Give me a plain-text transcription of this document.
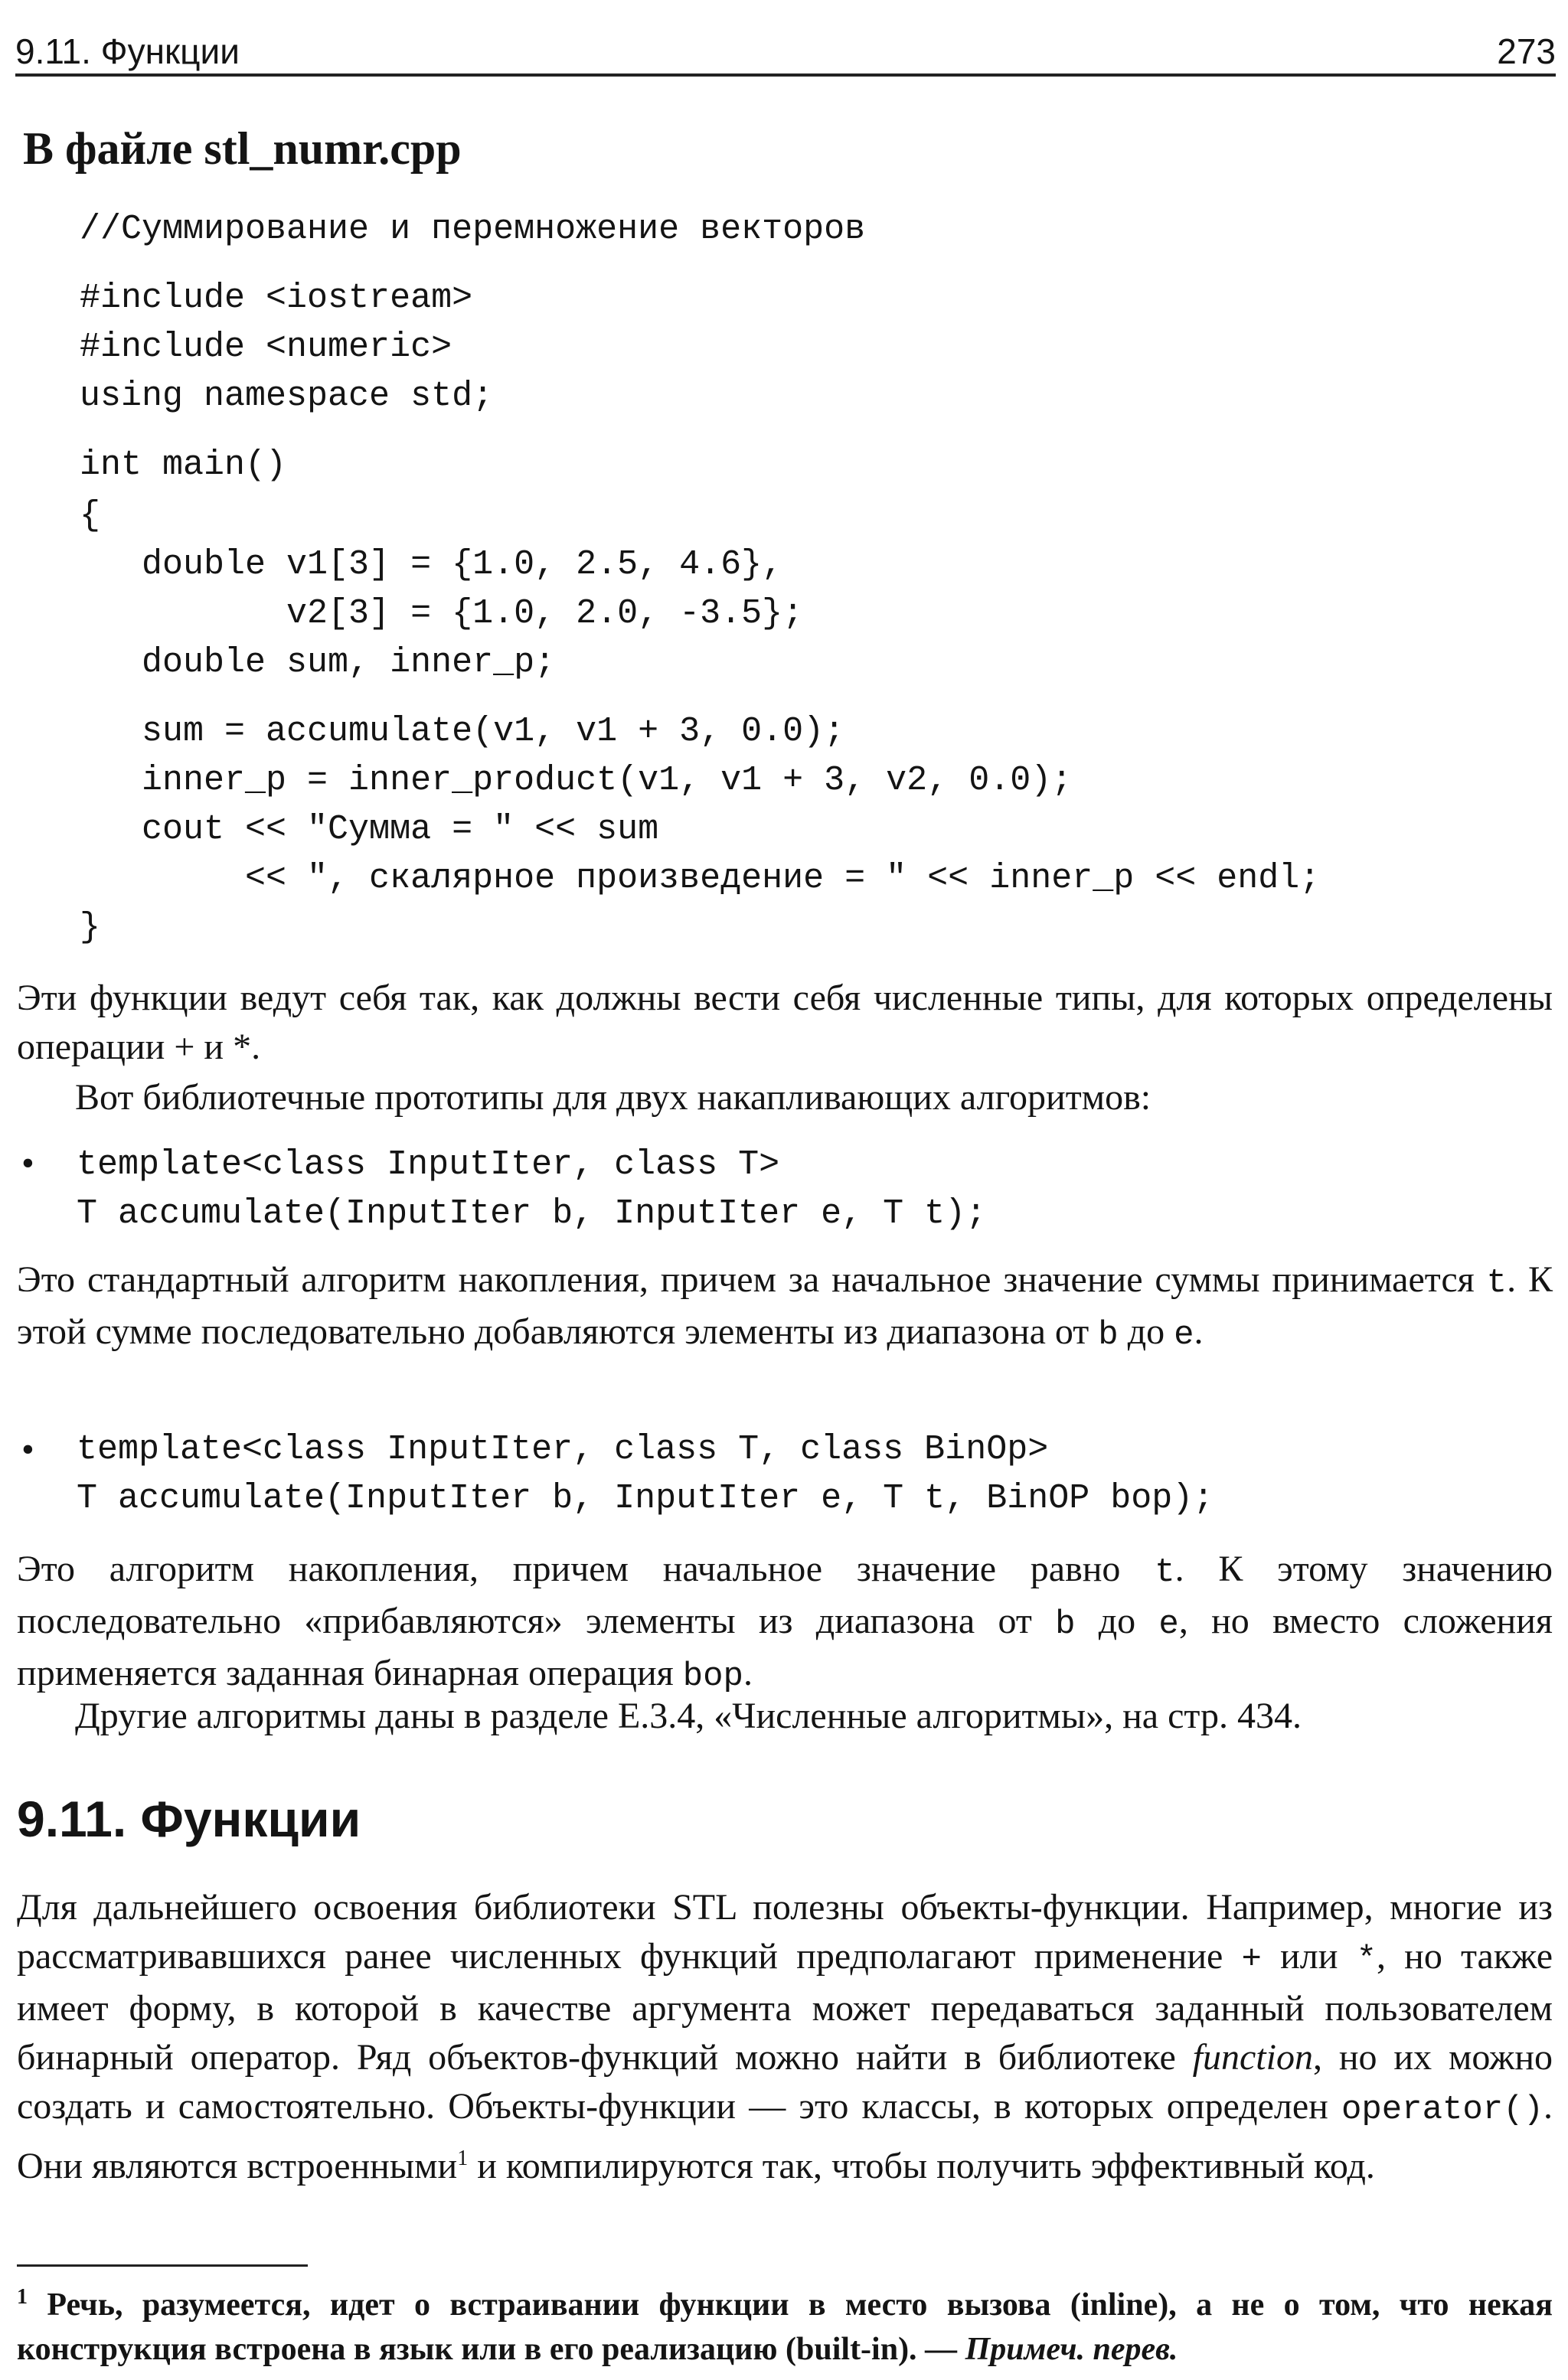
9.11. Функции	273
В файле stl_numr.cpp
//Суммирование и перемножение векторов
#include <iostream>
#include <numeric>
using namespace std;
int main()
{
double v1[3] = {1.0, 2.5, 4.6},
v2[3] = {1.0, 2.0, -3.5};
double sum, inner_p;
sum = accumulate(v1, v1 + 3, 0.0);
inner_p = inner_product(v1, v1 + 3, v2, 0.0);
cout << "Сумма = " << sum
<< ", скалярное произведение = " << inner_p << endl;
}
Эти функции ведут себя так, как должны вести себя численные типы, для которых определены операции + и *.
Вот библиотечные прототипы для двух накапливающих алгоритмов:
• template<class InputIter, class T>
T accumulate(InputIter b, InputIter e, T t);
Это стандартный алгоритм накопления, причем за начальное значение суммы принимается t. К этой сумме последовательно добавляются элементы из диапазона от b до e.
• template<class InputIter, class T, class BinOp>
T accumulate(InputIter b, InputIter e, T t, BinOP bop);
Это алгоритм накопления, причем начальное значение равно t. К этому значению последовательно «прибавляются» элементы из диапазона от b до e, но вместо сложения применяется заданная бинарная операция bop.
Другие алгоритмы даны в разделе E.3.4, «Численные алгоритмы», на стр. 434.
9.11. Функции
Для дальнейшего освоения библиотеки STL полезны объекты-функции. Например, многие из рассматривавшихся ранее численных функций предполагают применение + или *, но также имеет форму, в которой в качестве аргумента может передаваться заданный пользователем бинарный оператор. Ряд объектов-функций можно найти в библиотеке function, но их можно создать и самостоятельно. Объекты-функции — это классы, в которых определен operator(). Они являются встроенными$^1$ и компилируются так, чтобы получить эффективный код.
$^1$ Речь, разумеется, идет о встраивании функции в место вызова (inline), а не о том, что некая конструкция встроена в язык или в его реализацию (built-in). — Примеч. перев.
